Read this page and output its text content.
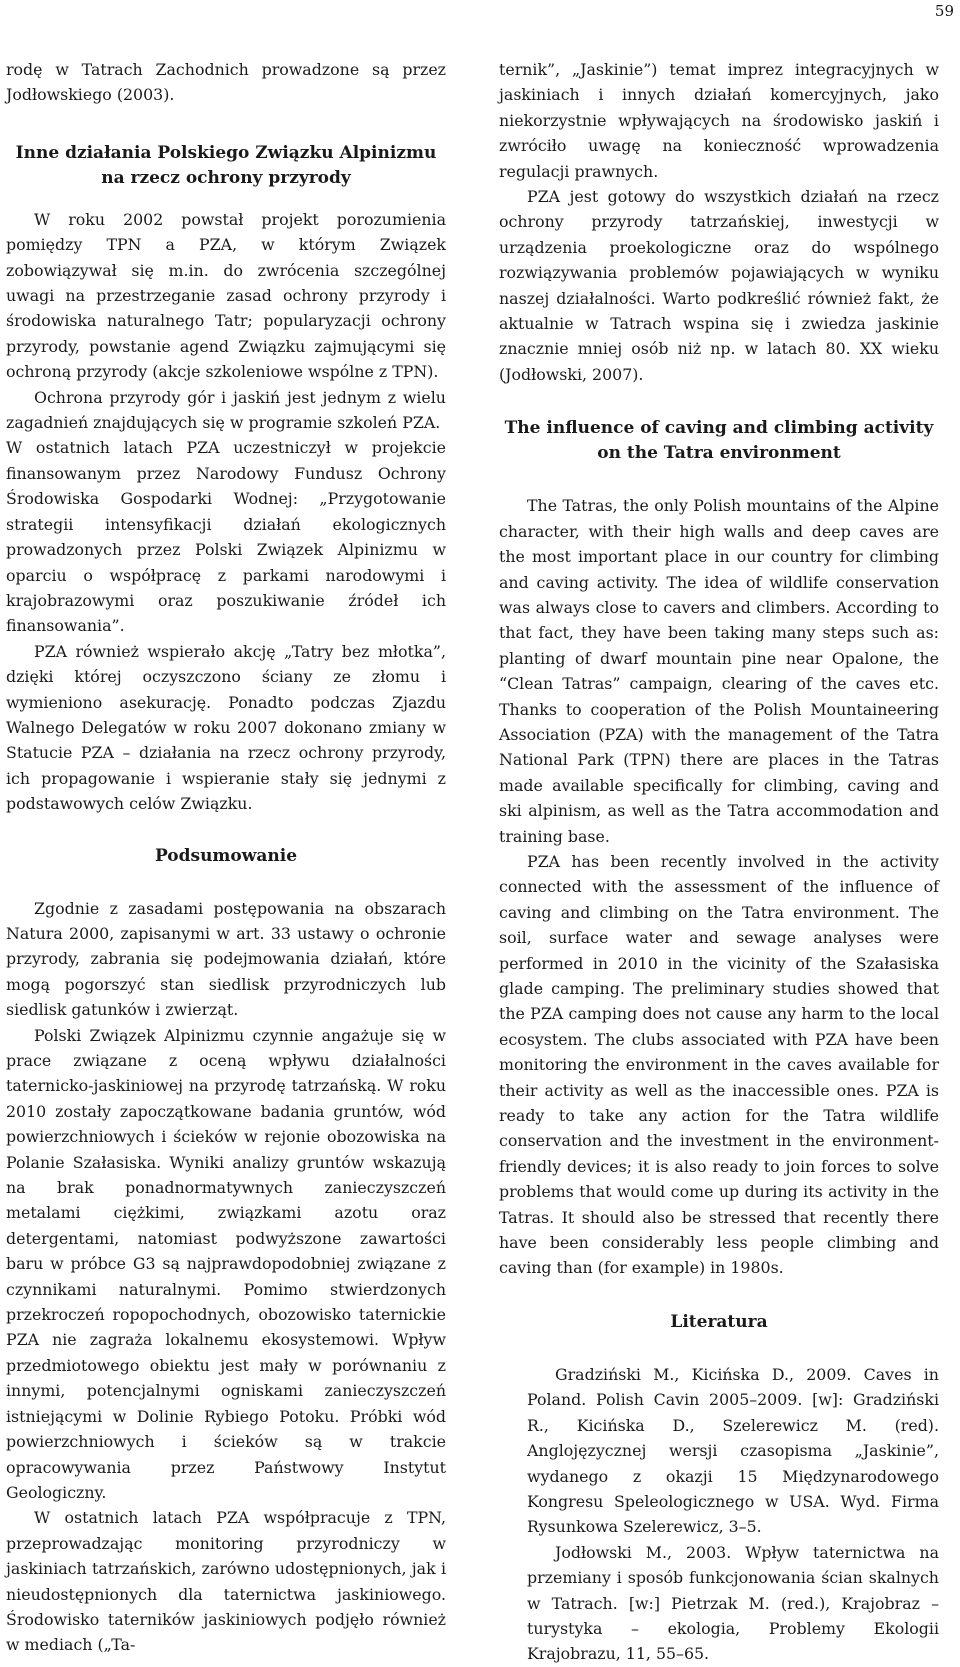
59

rodę w Tatrach Zachodnich prowadzone są przez Jodłowskiego (2003).

Inne działania Polskiego Związku Alpinizmu na rzecz ochrony przyrody

W roku 2002 powstał projekt porozumienia pomiędzy TPN a PZA, w którym Związek zobowiązywał się m.in. do zwrócenia szczególnej uwagi na przestrzeganie zasad ochrony przyrody i środowiska naturalnego Tatr; popularyzacji ochrony przyrody, powstanie agend Związku zajmującymi się ochroną przyrody (akcje szkoleniowe wspólne z TPN).

Ochrona przyrody gór i jaskiń jest jednym z wielu zagadnień znajdujących się w programie szkoleń PZA.

W ostatnich latach PZA uczestniczył w projekcie finansowanym przez Narodowy Fundusz Ochrony Środowiska Gospodarki Wodnej: „Przygotowanie strategii intensyfikacji działań ekologicznych prowadzonych przez Polski Związek Alpinizmu w oparciu o współpracę z parkami narodowymi i krajobrazowymi oraz poszukiwanie źródeł ich finansowania”.

PZA również wspierało akcję „Tatry bez młotka”, dzięki której oczyszczono ściany ze złomu i wymieniono asekurację. Ponadto podczas Zjazdu Walnego Delegatów w roku 2007 dokonano zmiany w Statucie PZA – działania na rzecz ochrony przyrody, ich propagowanie i wspieranie stały się jednymi z podstawowych celów Związku.

Podsumowanie

Zgodnie z zasadami postępowania na obszarach Natura 2000, zapisanymi w art. 33 ustawy o ochronie przyrody, zabrania się podejmowania działań, które mogą pogorszyć stan siedlisk przyrodniczych lub siedlisk gatunków i zwierząt.

Polski Związek Alpinizmu czynnie angażuje się w prace związane z oceną wpływu działalności taternicko-jaskiniowej na przyrodę tatrzańską. W roku 2010 zostały zapoczątkowane badania gruntów, wód powierzchniowych i ścieków w rejonie obozowiska na Polanie Szałasiska. Wyniki analizy gruntów wskazują na brak ponadnormatywnych zanieczyszczeń metalami ciężkimi, związkami azotu oraz detergentami, natomiast podwyższone zawartości baru w próbce G3 są najprawdopodobniej związane z czynnikami naturalnymi. Pomimo stwierdzonych przekroczeń ropopochodnych, obozowisko taternickie PZA nie zagraża lokalnemu ekosystemowi. Wpływ przedmiotowego obiektu jest mały w porównaniu z innymi, potencjalnymi ogniskami zanieczyszczeń istniejącymi w Dolinie Rybiego Potoku. Próbki wód powierzchniowych i ścieków są w trakcie opracowywania przez Państwowy Instytut Geologiczny.

W ostatnich latach PZA współpracuje z TPN, przeprowadzając monitoring przyrodniczy w jaskiniach tatrzańskich, zarówno udostępnionych, jak i nieudostępnionych dla taternictwa jaskiniowego. Środowisko taterników jaskiniowych podjęło również w mediach („Ta-

ternik”, „Jaskinie”) temat imprez integracyjnych w jaskiniach i innych działań komercyjnych, jako niekorzystnie wpływających na środowisko jaskiń i zwróciło uwagę na konieczność wprowadzenia regulacji prawnych.

PZA jest gotowy do wszystkich działań na rzecz ochrony przyrody tatrzańskiej, inwestycji w urządzenia proekologiczne oraz do wspólnego rozwiązywania problemów pojawiających w wyniku naszej działalności. Warto podkreślić również fakt, że aktualnie w Tatrach wspina się i zwiedza jaskinie znacznie mniej osób niż np. w latach 80. XX wieku (Jodłowski, 2007).

The influence of caving and climbing activity on the Tatra environment

The Tatras, the only Polish mountains of the Alpine character, with their high walls and deep caves are the most important place in our country for climbing and caving activity. The idea of wildlife conservation was always close to cavers and climbers. According to that fact, they have been taking many steps such as: planting of dwarf mountain pine near Opalone, the “Clean Tatras” campaign, clearing of the caves etc. Thanks to cooperation of the Polish Mountaineering Association (PZA) with the management of the Tatra National Park (TPN) there are places in the Tatras made available specifically for climbing, caving and ski alpinism, as well as the Tatra accommodation and training base.

PZA has been recently involved in the activity connected with the assessment of the influence of caving and climbing on the Tatra environment. The soil, surface water and sewage analyses were performed in 2010 in the vicinity of the Szałasiska glade camping. The preliminary studies showed that the PZA camping does not cause any harm to the local ecosystem. The clubs associated with PZA have been monitoring the environment in the caves available for their activity as well as the inaccessible ones. PZA is ready to take any action for the Tatra wildlife conservation and the investment in the environment-friendly devices; it is also ready to join forces to solve problems that would come up during its activity in the Tatras. It should also be stressed that recently there have been considerably less people climbing and caving than (for example) in 1980s.

Literatura

Gradziński M., Kicińska D., 2009. Caves in Poland. Polish Cavin 2005–2009. [w]: Gradziński R., Kicińska D., Szelerewicz M. (red). Anglojęzycznej wersji czasopisma „Jaskinie”, wydanego z okazji 15 Międzynarodowego Kongresu Speleologicznego w USA. Wyd. Firma Rysunkowa Szelerewicz, 3–5.

Jodłowski M., 2003. Wpływ taternictwa na przemiany i sposób funkcjonowania ścian skalnych w Tatrach. [w:] Pietrzak M. (red.), Krajobraz – turystyka – ekologia, Problemy Ekologii Krajobrazu, 11, 55–65.
